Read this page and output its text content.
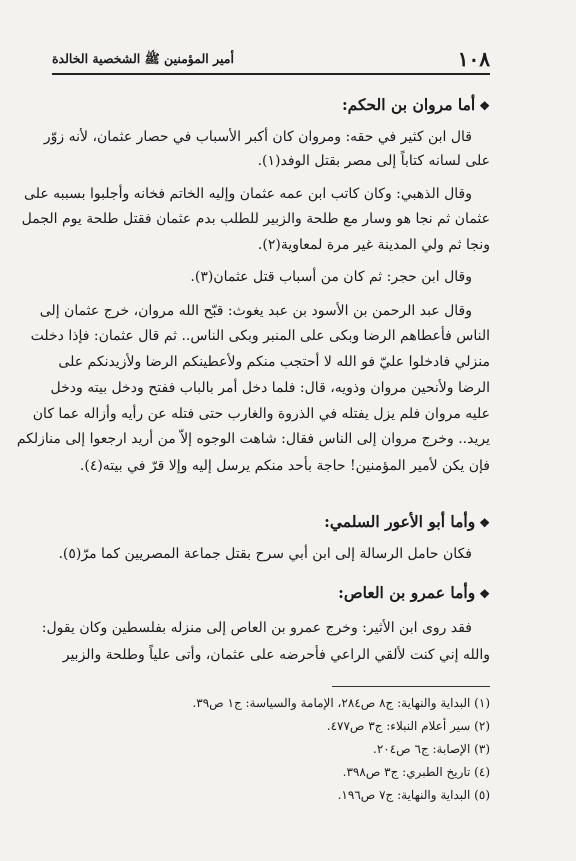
١٠٨
أمير المؤمنين ﷺ الشخصية الخالدة
❖أما مروان بن الحكم:
قال ابن كثير في حقه: ومروان كان أكبر الأسباب في حصار عثمان، لأنه زوّر
على لسانه كتاباً إلى مصر بقتل الوفد(١).
وقال الذهبي: وكان كاتب ابن عمه عثمان وإليه الخاتم فخانه وأجلبوا بسببه على
عثمان ثم نجا هو وسار مع طلحة والزبير للطلب بدم عثمان فقتل طلحة يوم الجمل
ونجا ثم ولي المدينة غير مرة لمعاوية(٢).
وقال ابن حجر: ثم كان من أسباب قتل عثمان(٣).
وقال عبد الرحمن بن الأسود بن عبد يغوث: قبّح الله مروان، خرج عثمان إلى
الناس فأعطاهم الرضا وبكى على المنبر وبكى الناس.. ثم قال عثمان: فإذا دخلت
منزلي فادخلوا عليّ فو الله لا أحتجب منكم ولأعطينكم الرضا ولأزيدنكم على
الرضا ولأنحين مروان وذويه، قال: فلما دخل أمر بالباب ففتح ودخل بيته ودخل
عليه مروان فلم يزل يفتله في الذروة والغارب حتى فتله عن رأيه وأزاله عما كان
يريد.. وخرج مروان إلى الناس فقال: شاهت الوجوه إلاّ من أريد ارجعوا إلى منازلكم
فإن يكن لأمير المؤمنين! حاجة بأحد منكم يرسل إليه وإلا قرّ في بيته(٤).
❖وأما أبو الأعور السلمي:
فكان حامل الرسالة إلى ابن أبي سرح بقتل جماعة المصريين كما مرّ(٥).
❖وأما عمرو بن العاص:
فقد روى ابن الأثير: وخرج عمرو بن العاص إلى منزله بفلسطين وكان يقول:
والله إني كنت لألقي الراعي فأحرضه على عثمان، وأتى علياً وطلحة والزبير
(١) البداية والنهاية: ج٨ ص٢٨٤، الإمامة والسياسة: ج١ ص٣٩.
(٢) سير أعلام النبلاء: ج٣ ص٤٧٧.
(٣) الإصابة: ج٦ ص٢٠٤.
(٤) تاريخ الطبري: ج٣ ص٣٩٨.
(٥) البداية والنهاية: ج٧ ص١٩٦.
